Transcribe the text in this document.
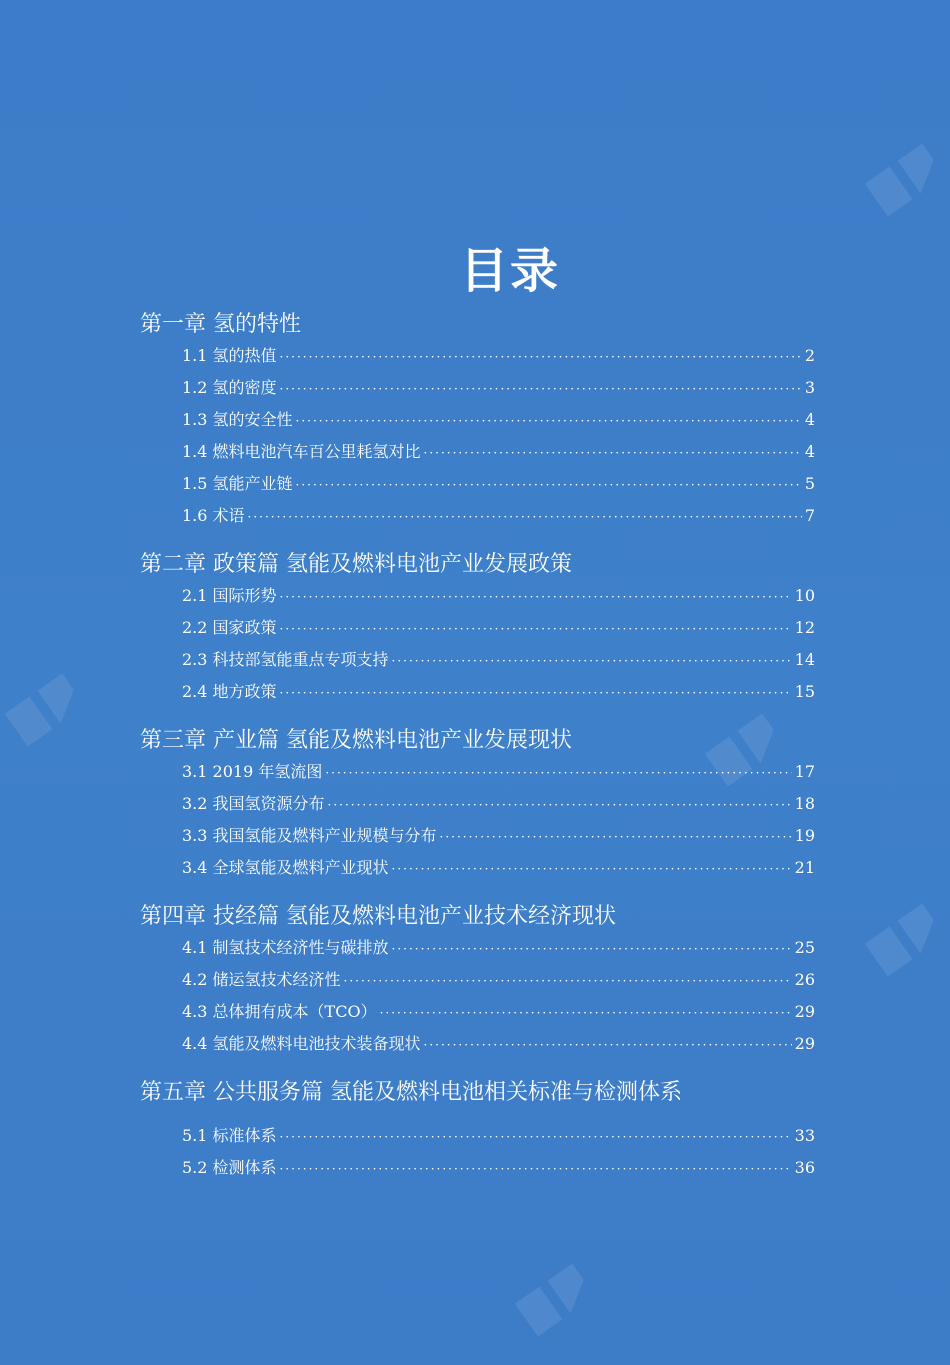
目录
第一章 氢的特性
1.1 氢的热值 ·····	2
1.2 氢的密度 ·····	3
1.3 氢的安全性 ·····	4
1.4 燃料电池汽车百公里耗氢对比 ·····	4
1.5 氢能产业链 ·····	5
1.6 术语 ·····	7
第二章 政策篇 氢能及燃料电池产业发展政策
2.1 国际形势 ·····	10
2.2 国家政策 ·····	12
2.3 科技部氢能重点专项支持 ·····	14
2.4 地方政策 ·····	15
第三章 产业篇 氢能及燃料电池产业发展现状
3.1 2019 年氢流图 ·····	17
3.2 我国氢资源分布 ·····	18
3.3 我国氢能及燃料产业规模与分布 ·····	19
3.4 全球氢能及燃料产业现状 ·····	21
第四章 技经篇 氢能及燃料电池产业技术经济现状
4.1 制氢技术经济性与碳排放 ·····	25
4.2 储运氢技术经济性 ·····	26
4.3 总体拥有成本（TCO） ·····	29
4.4 氢能及燃料电池技术装备现状 ·····	29
第五章 公共服务篇 氢能及燃料电池相关标准与检测体系
5.1 标准体系 ·····	33
5.2 检测体系 ·····	36
